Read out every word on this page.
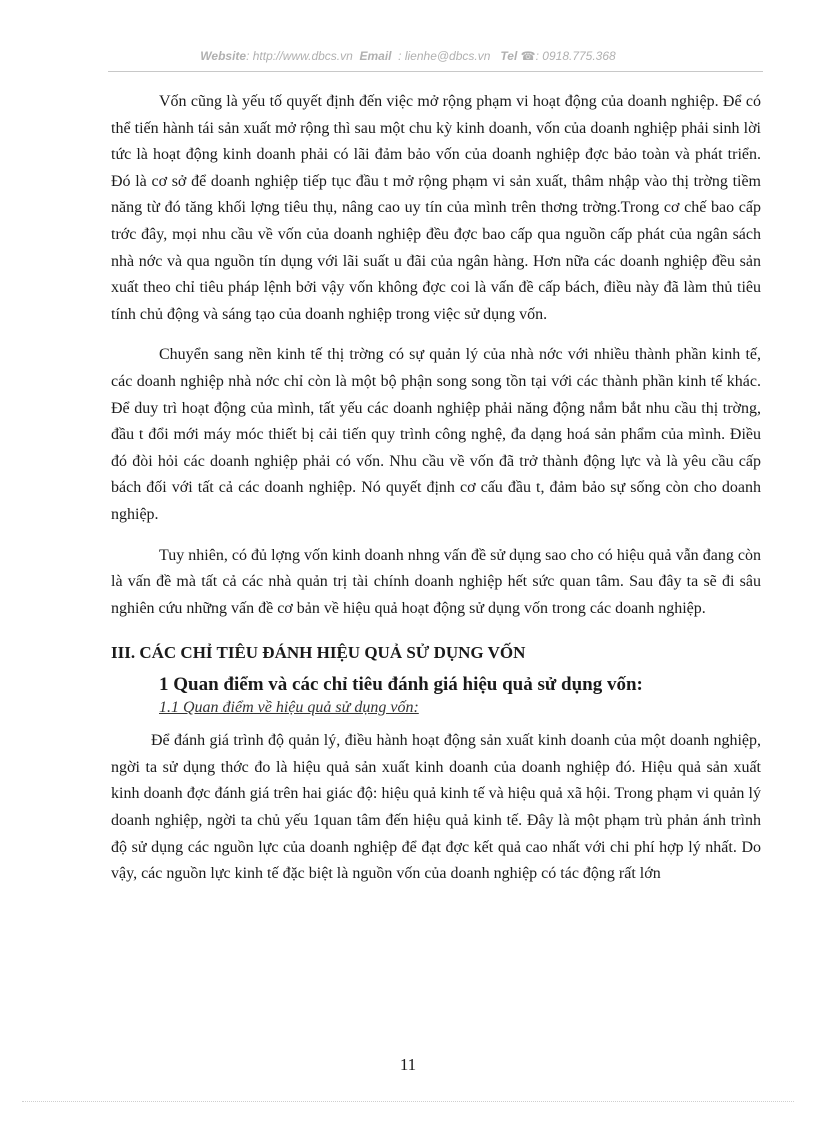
Website: http://www.dbcs.vn Email : lienhe@dbcs.vn Tel ☎: 0918.775.368

Vốn cũng là yếu tố quyết định đến việc mở rộng phạm vi hoạt động của doanh nghiệp. Để có thể tiến hành tái sản xuất mở rộng thì sau một chu kỳ kinh doanh, vốn của doanh nghiệp phải sinh lời tức là hoạt động kinh doanh phải có lãi đảm bảo vốn của doanh nghiệp đợc bảo toàn và phát triển. Đó là cơ sở để doanh nghiệp tiếp tục đầu t mở rộng phạm vi sản xuất, thâm nhập vào thị trờng tiềm năng từ đó tăng khối lợng tiêu thụ, nâng cao uy tín của mình trên thơng trờng.Trong cơ chế bao cấp trớc đây, mọi nhu cầu về vốn của doanh nghiệp đều đợc bao cấp qua nguồn cấp phát của ngân sách nhà nớc và qua nguồn tín dụng với lãi suất u đãi của ngân hàng. Hơn nữa các doanh nghiệp đều sản xuất theo chỉ tiêu pháp lệnh bởi vậy vốn không đợc coi là vấn đề cấp bách, điều này đã làm thủ tiêu tính chủ động và sáng tạo của doanh nghiệp trong việc sử dụng vốn.

Chuyển sang nền kinh tế thị trờng có sự quản lý của nhà nớc với nhiều thành phần kinh tế, các doanh nghiệp nhà nớc chỉ còn là một bộ phận song song tồn tại với các thành phần kinh tế khác. Để duy trì hoạt động của mình, tất yếu các doanh nghiệp phải năng động nắm bắt nhu cầu thị trờng, đầu t đổi mới máy móc thiết bị cải tiến quy trình công nghệ, đa dạng hoá sản phẩm của mình. Điều đó đòi hỏi các doanh nghiệp phải có vốn. Nhu cầu về vốn đã trở thành động lực và là yêu cầu cấp bách đối với tất cả các doanh nghiệp. Nó quyết định cơ cấu đầu t, đảm bảo sự sống còn cho doanh nghiệp.

Tuy nhiên, có đủ lợng vốn kinh doanh nhng vấn đề sử dụng sao cho có hiệu quả vẫn đang còn là vấn đề mà tất cả các nhà quản trị tài chính doanh nghiệp hết sức quan tâm. Sau đây ta sẽ đi sâu nghiên cứu những vấn đề cơ bản về hiệu quả hoạt động sử dụng vốn trong các doanh nghiệp.

III. CÁC CHỈ TIÊU ĐÁNH HIỆU QUẢ SỬ DỤNG VỐN
1 Quan điểm và các chỉ tiêu đánh giá hiệu quả sử dụng vốn:
1.1 Quan điểm về hiệu quả sử dụng vốn:

Để đánh giá trình độ quản lý, điều hành hoạt động sản xuất kinh doanh của một doanh nghiệp, ngời ta sử dụng thớc đo là hiệu quả sản xuất kinh doanh của doanh nghiệp đó. Hiệu quả sản xuất kinh doanh đợc đánh giá trên hai giác độ: hiệu quả kinh tế và hiệu quả xã hội. Trong phạm vi quản lý doanh nghiệp, ngời ta chủ yếu 1quan tâm đến hiệu quả kinh tế. Đây là một phạm trù phản ánh trình độ sử dụng các nguồn lực của doanh nghiệp để đạt đợc kết quả cao nhất với chi phí hợp lý nhất. Do vậy, các nguồn lực kinh tế đặc biệt là nguồn vốn của doanh nghiệp có tác động rất lớn

11
